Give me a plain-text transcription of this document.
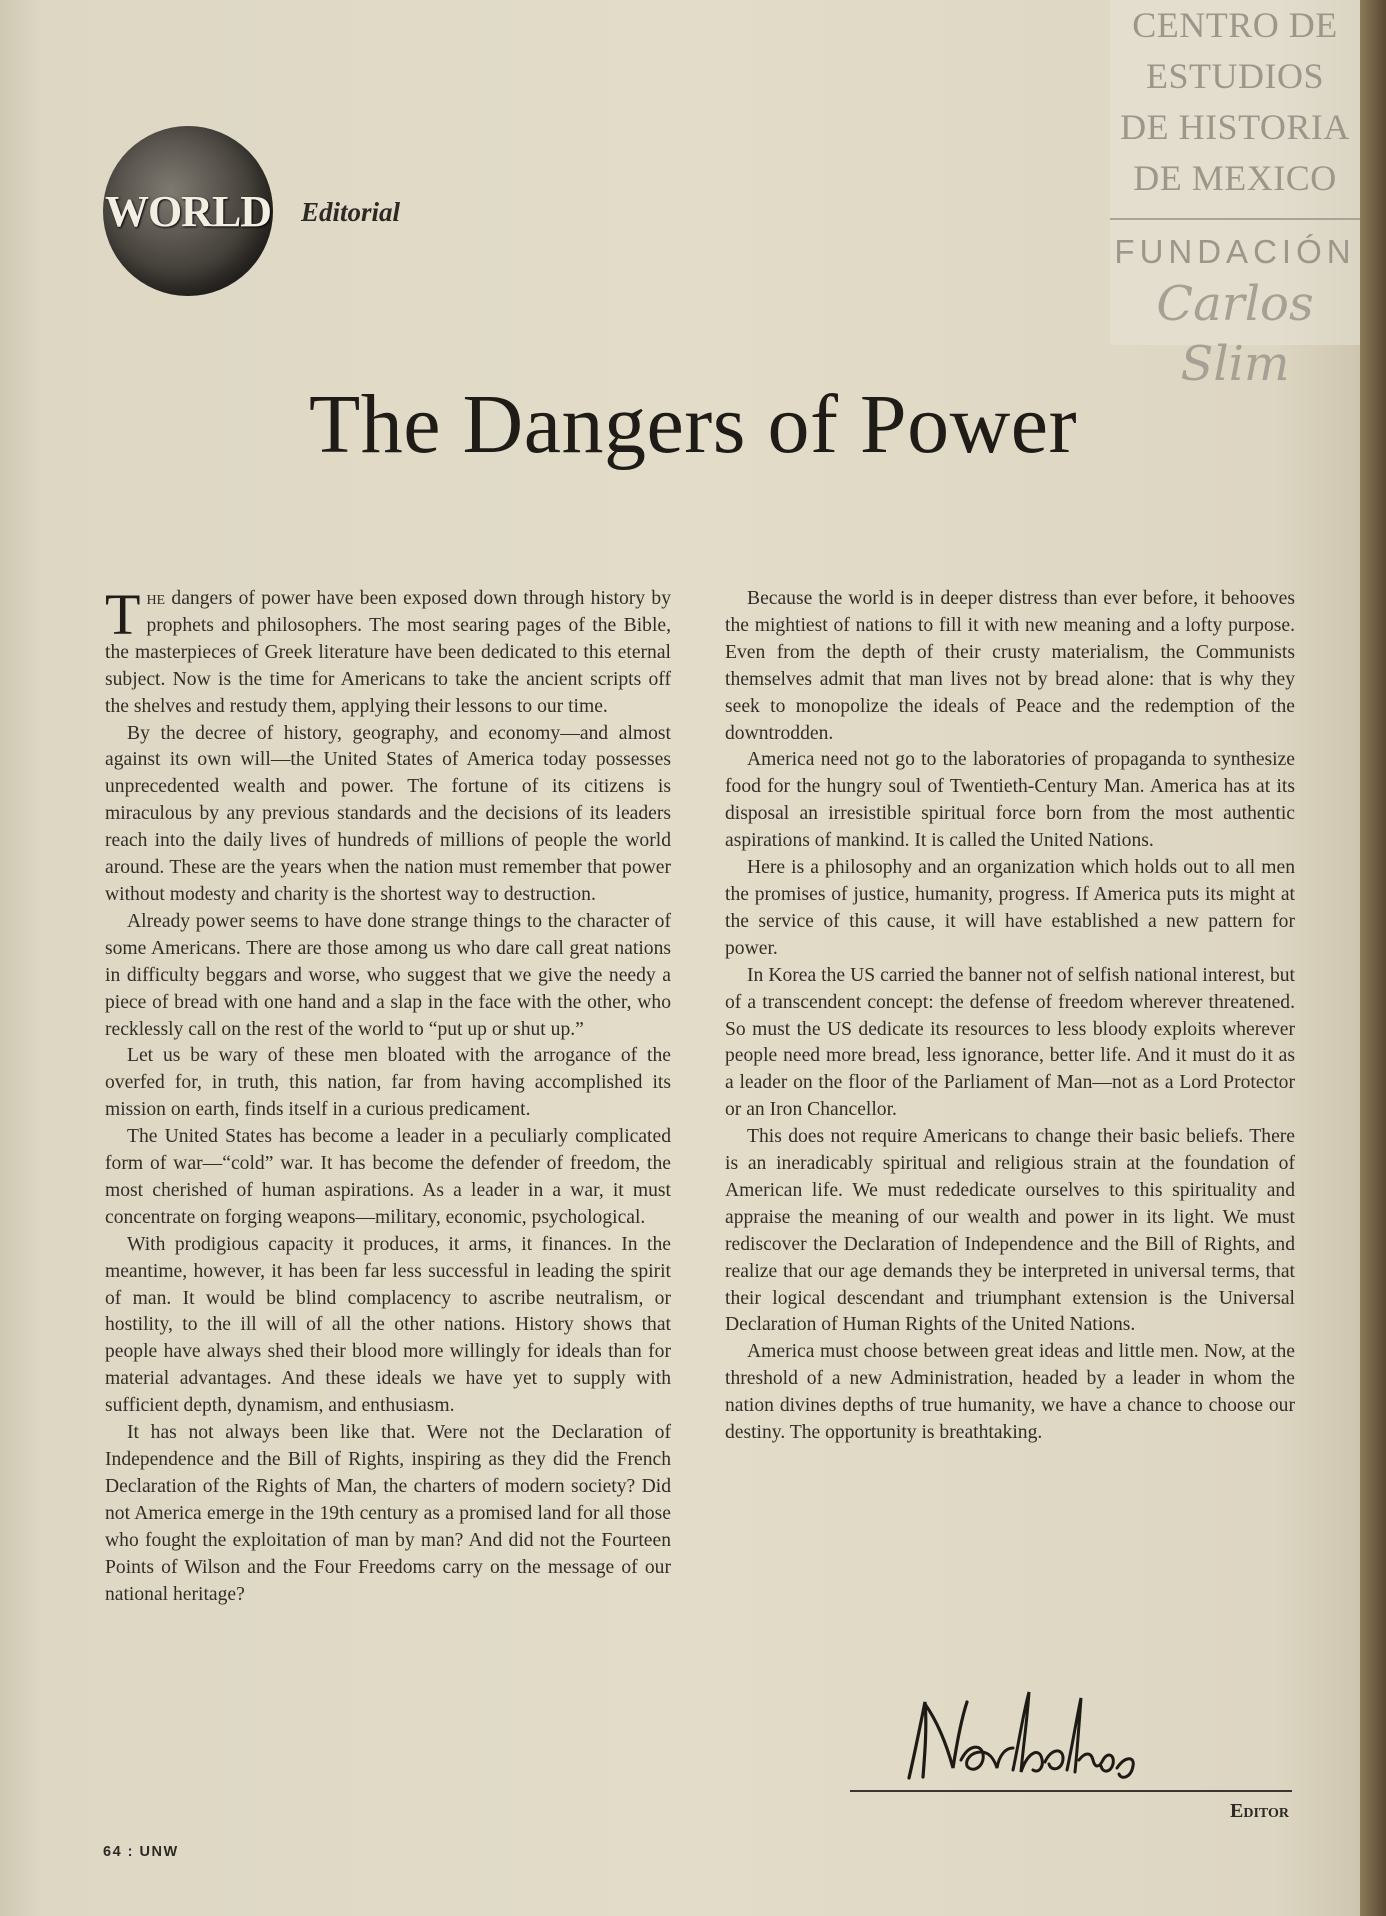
WORLD Editorial
CENTRO DE
ESTUDIOS
DE HISTORIA
DE MEXICO
FUNDACIÓN
Carlos Slim
The Dangers of Power

The dangers of power have been exposed down through history by prophets and philosophers. The most searing pages of the Bible, the masterpieces of Greek literature have been dedicated to this eternal subject. Now is the time for Americans to take the ancient scripts off the shelves and restudy them, applying their lessons to our time.

By the decree of history, geography, and economy—and almost against its own will—the United States of America today possesses unprecedented wealth and power. The fortune of its citizens is miraculous by any previous standards and the decisions of its leaders reach into the daily lives of hundreds of millions of people the world around. These are the years when the nation must remember that power without modesty and charity is the shortest way to destruction.

Already power seems to have done strange things to the character of some Americans. There are those among us who dare call great nations in difficulty beggars and worse, who suggest that we give the needy a piece of bread with one hand and a slap in the face with the other, who recklessly call on the rest of the world to “put up or shut up.”

Let us be wary of these men bloated with the arrogance of the overfed for, in truth, this nation, far from having accomplished its mission on earth, finds itself in a curious predicament.

The United States has become a leader in a peculiarly complicated form of war—“cold” war. It has become the defender of freedom, the most cherished of human aspirations. As a leader in a war, it must concentrate on forging weapons—military, economic, psychological.

With prodigious capacity it produces, it arms, it finances. In the meantime, however, it has been far less successful in leading the spirit of man. It would be blind complacency to ascribe neutralism, or hostility, to the ill will of all the other nations. History shows that people have always shed their blood more willingly for ideals than for material advantages. And these ideals we have yet to supply with sufficient depth, dynamism, and enthusiasm.

It has not always been like that. Were not the Declaration of Independence and the Bill of Rights, inspiring as they did the French Declaration of the Rights of Man, the charters of modern society? Did not America emerge in the 19th century as a promised land for all those who fought the exploitation of man by man? And did not the Fourteen Points of Wilson and the Four Freedoms carry on the message of our national heritage?

Because the world is in deeper distress than ever before, it behooves the mightiest of nations to fill it with new meaning and a lofty purpose. Even from the depth of their crusty materialism, the Communists themselves admit that man lives not by bread alone: that is why they seek to monopolize the ideals of Peace and the redemption of the downtrodden.

America need not go to the laboratories of propaganda to synthesize food for the hungry soul of Twentieth-Century Man. America has at its disposal an irresistible spiritual force born from the most authentic aspirations of mankind. It is called the United Nations.

Here is a philosophy and an organization which holds out to all men the promises of justice, humanity, progress. If America puts its might at the service of this cause, it will have established a new pattern for power.

In Korea the US carried the banner not of selfish national interest, but of a transcendent concept: the defense of freedom wherever threatened. So must the US dedicate its resources to less bloody exploits wherever people need more bread, less ignorance, better life. And it must do it as a leader on the floor of the Parliament of Man—not as a Lord Protector or an Iron Chancellor.

This does not require Americans to change their basic beliefs. There is an ineradicably spiritual and religious strain at the foundation of American life. We must rededicate ourselves to this spirituality and appraise the meaning of our wealth and power in its light. We must rediscover the Declaration of Independence and the Bill of Rights, and realize that our age demands they be interpreted in universal terms, that their logical descendant and triumphant extension is the Universal Declaration of Human Rights of the United Nations.

America must choose between great ideas and little men. Now, at the threshold of a new Administration, headed by a leader in whom the nation divines depths of true humanity, we have a chance to choose our destiny. The opportunity is breathtaking.

Editor
64 : UNW
